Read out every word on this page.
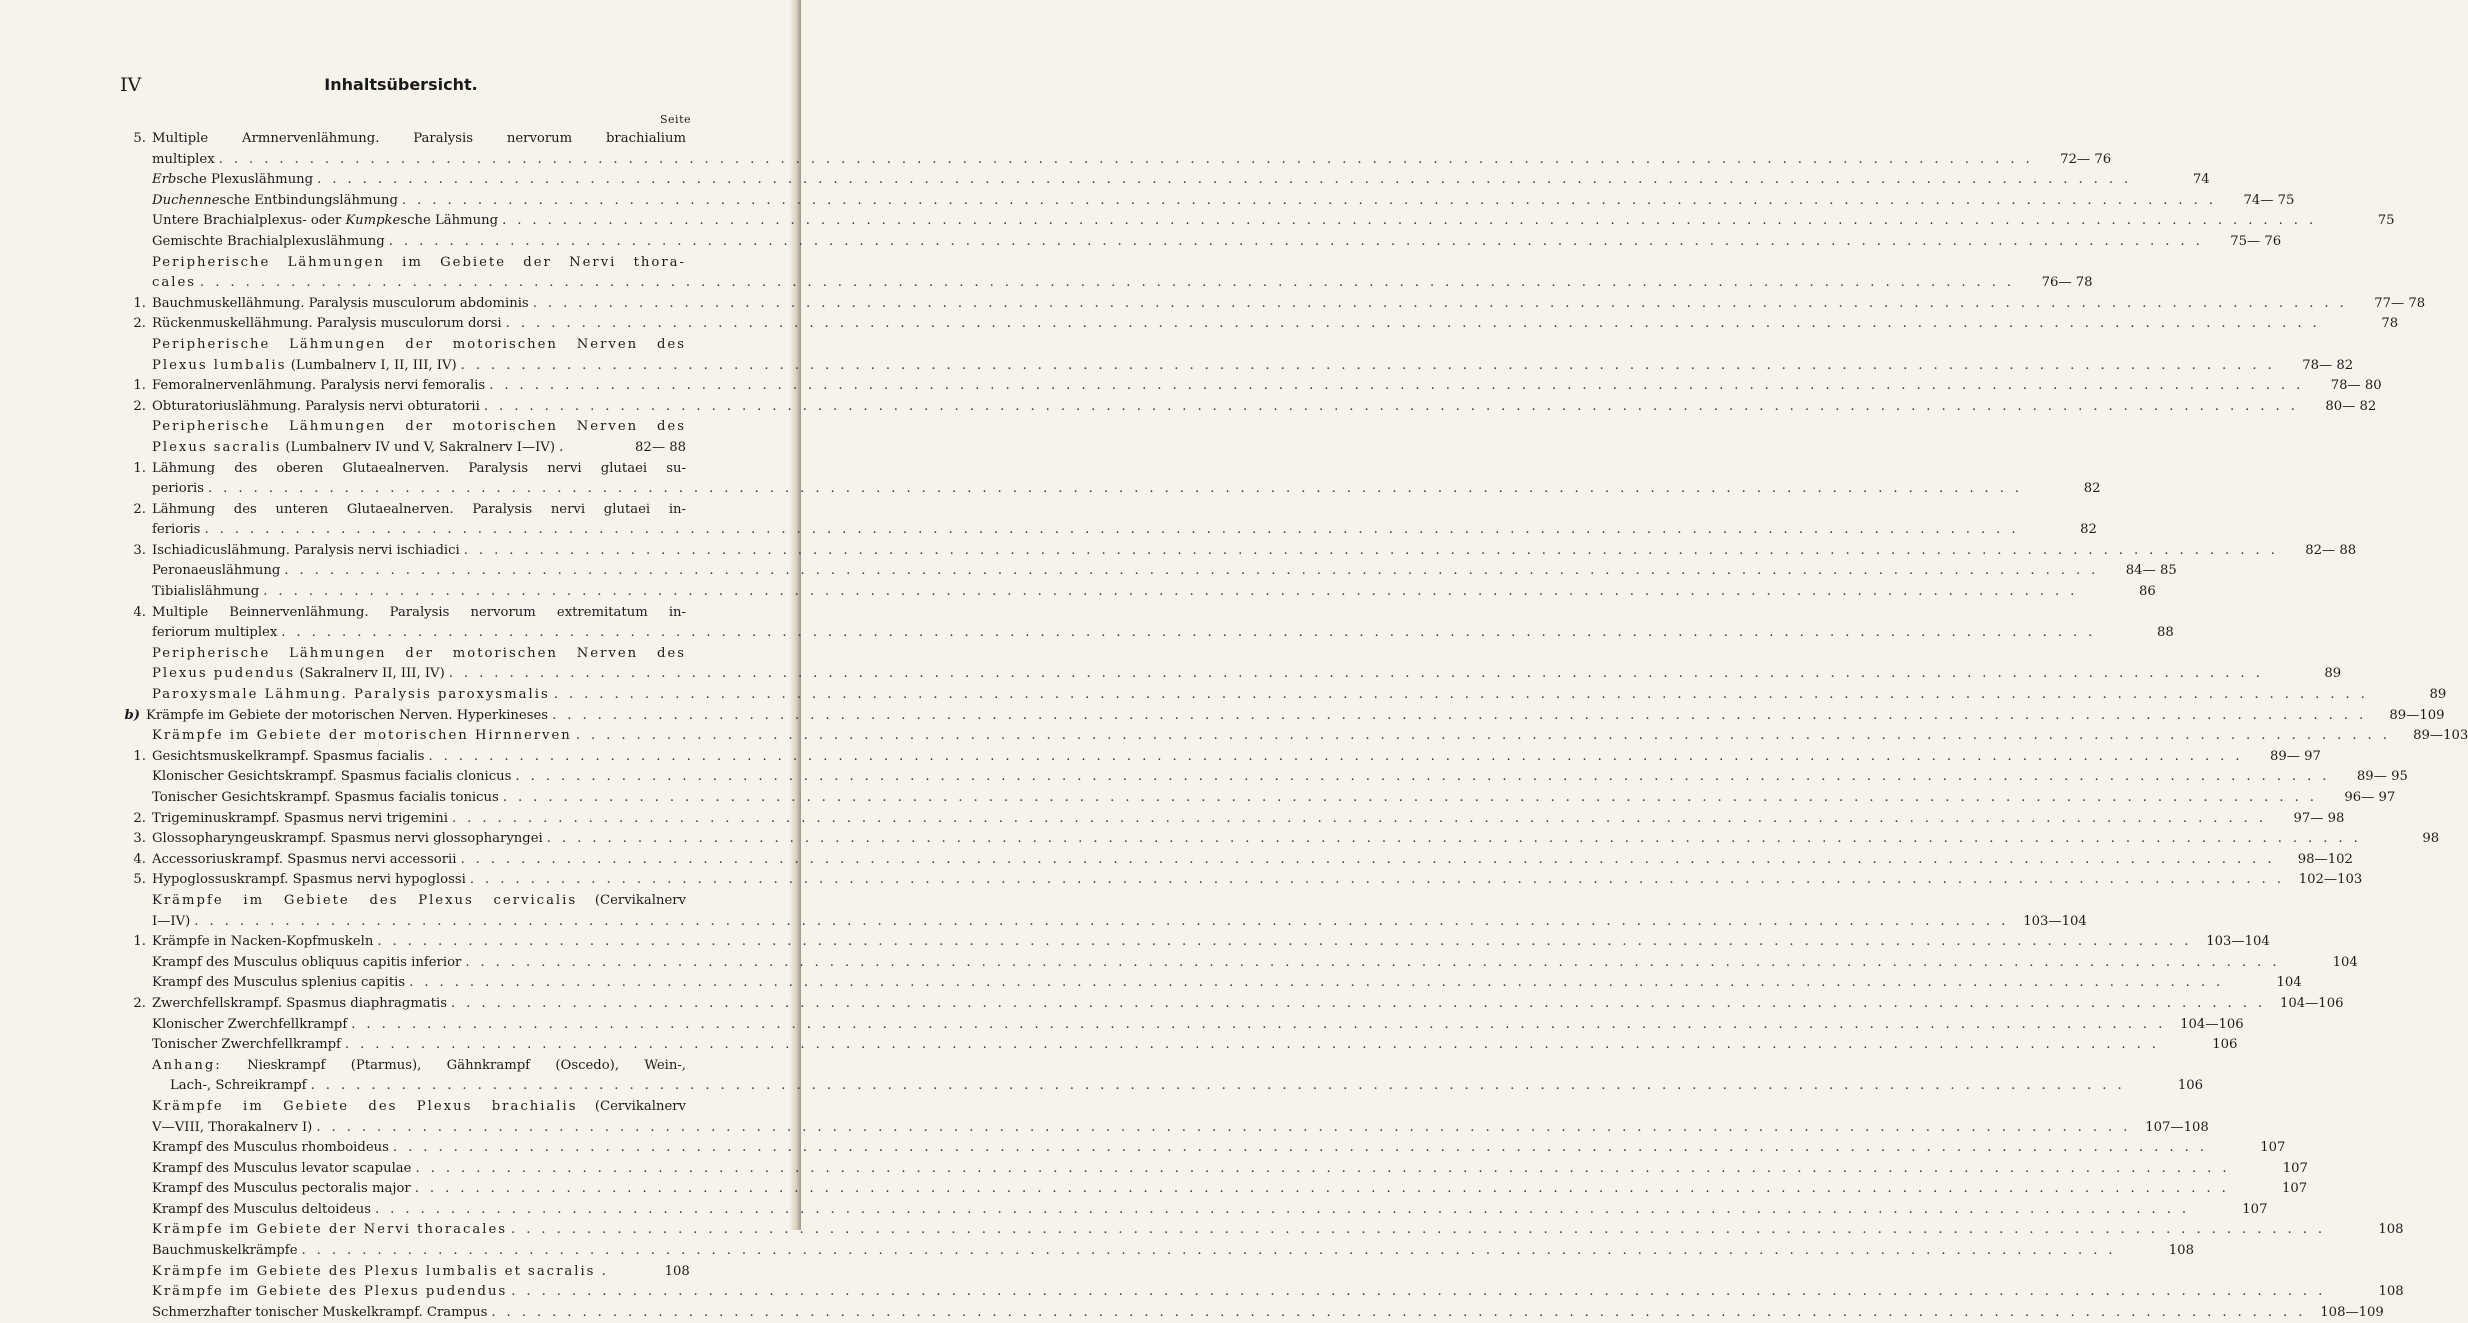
IV	Inhaltsübersicht.
Seite
5. Multiple Armnervenlähmung. Paralysis nervorum brachialium
multiplex . . . . . . . . . . . . . . . . . . . . . . . . . . . . . . . . . . . . . . . . . . . . . . . . . . . . . . . . . . . . . . . . . . . . . . . . . . . . . . . . . . . . . . . . . . . . . . . . . . . . . . . . . . . . . . . . . . . . . . . .	72— 76
Erbsche Plexuslähmung . . . . . . . . . . . . . . . . . . . . . . . . . . . . . . . . . . . . . . . . . . . . . . . . . . . . . . . . . . . . . . . . . . . . . . . . . . . . . . . . . . . . . . . . . . . . . . . . . . . . . . . . . . . . . . . . . . . . . . . .	74
Duchennesche Entbindungslähmung . . . . . . . . . . . . . . . . . . . . . . . . . . . . . . . . . . . . . . . . . . . . . . . . . . . . . . . . . . . . . . . . . . . . . . . . . . . . . . . . . . . . . . . . . . . . . . . . . . . . . . . . . . . . . . . . . . . . . . . .	74— 75
Untere Brachialplexus- oder Kumpkesche Lähmung . . . . . . . . . . . . . . . . . . . . . . . . . . . . . . . . . . . . . . . . . . . . . . . . . . . . . . . . . . . . . . . . . . . . . . . . . . . . . . . . . . . . . . . . . . . . . . . . . . . . . . . . . . . . . . . . . . . . . . . .	75
Gemischte Brachialplexuslähmung . . . . . . . . . . . . . . . . . . . . . . . . . . . . . . . . . . . . . . . . . . . . . . . . . . . . . . . . . . . . . . . . . . . . . . . . . . . . . . . . . . . . . . . . . . . . . . . . . . . . . . . . . . . . . . . . . . . . . . . .	75— 76
Peripherische Lähmungen im Gebiete der Nervi thora-
cales . . . . . . . . . . . . . . . . . . . . . . . . . . . . . . . . . . . . . . . . . . . . . . . . . . . . . . . . . . . . . . . . . . . . . . . . . . . . . . . . . . . . . . . . . . . . . . . . . . . . . . . . . . . . . . . . . . . . . . . .	76— 78
1. Bauchmuskellähmung. Paralysis musculorum abdominis . . . . . . . . . . . . . . . . . . . . . . . . . . . . . . . . . . . . . . . . . . . . . . . . . . . . . . . . . . . . . . . . . . . . . . . . . . . . . . . . . . . . . . . . . . . . . . . . . . . . . . . . . . . . . . . . . . . . . . . .	77— 78
2. Rückenmuskellähmung. Paralysis musculorum dorsi . . . . . . . . . . . . . . . . . . . . . . . . . . . . . . . . . . . . . . . . . . . . . . . . . . . . . . . . . . . . . . . . . . . . . . . . . . . . . . . . . . . . . . . . . . . . . . . . . . . . . . . . . . . . . . . . . . . . . . . .	78
Peripherische Lähmungen der motorischen Nerven des
Plexus lumbalis (Lumbalnerv I, II, III, IV) . . . . . . . . . . . . . . . . . . . . . . . . . . . . . . . . . . . . . . . . . . . . . . . . . . . . . . . . . . . . . . . . . . . . . . . . . . . . . . . . . . . . . . . . . . . . . . . . . . . . . . . . . . . . . . . . . . . . . . . .	78— 82
1. Femoralnervenlähmung. Paralysis nervi femoralis . . . . . . . . . . . . . . . . . . . . . . . . . . . . . . . . . . . . . . . . . . . . . . . . . . . . . . . . . . . . . . . . . . . . . . . . . . . . . . . . . . . . . . . . . . . . . . . . . . . . . . . . . . . . . . . . . . . . . . . .	78— 80
2. Obturatoriuslähmung. Paralysis nervi obturatorii . . . . . . . . . . . . . . . . . . . . . . . . . . . . . . . . . . . . . . . . . . . . . . . . . . . . . . . . . . . . . . . . . . . . . . . . . . . . . . . . . . . . . . . . . . . . . . . . . . . . . . . . . . . . . . . . . . . . . . . .	80— 82
Peripherische Lähmungen der motorischen Nerven des
Plexus sacralis (Lumbalnerv IV und V, Sakralnerv I—IV) .	82— 88
1. Lähmung des oberen Glutaealnerven. Paralysis nervi glutaei su-
perioris . . . . . . . . . . . . . . . . . . . . . . . . . . . . . . . . . . . . . . . . . . . . . . . . . . . . . . . . . . . . . . . . . . . . . . . . . . . . . . . . . . . . . . . . . . . . . . . . . . . . . . . . . . . . . . . . . . . . . . . .	82
2. Lähmung des unteren Glutaealnerven. Paralysis nervi glutaei in-
ferioris . . . . . . . . . . . . . . . . . . . . . . . . . . . . . . . . . . . . . . . . . . . . . . . . . . . . . . . . . . . . . . . . . . . . . . . . . . . . . . . . . . . . . . . . . . . . . . . . . . . . . . . . . . . . . . . . . . . . . . . .	82
3. Ischiadicuslähmung. Paralysis nervi ischiadici . . . . . . . . . . . . . . . . . . . . . . . . . . . . . . . . . . . . . . . . . . . . . . . . . . . . . . . . . . . . . . . . . . . . . . . . . . . . . . . . . . . . . . . . . . . . . . . . . . . . . . . . . . . . . . . . . . . . . . . .	82— 88
Peronaeuslähmung . . . . . . . . . . . . . . . . . . . . . . . . . . . . . . . . . . . . . . . . . . . . . . . . . . . . . . . . . . . . . . . . . . . . . . . . . . . . . . . . . . . . . . . . . . . . . . . . . . . . . . . . . . . . . . . . . . . . . . . .	84— 85
Tibialislähmung . . . . . . . . . . . . . . . . . . . . . . . . . . . . . . . . . . . . . . . . . . . . . . . . . . . . . . . . . . . . . . . . . . . . . . . . . . . . . . . . . . . . . . . . . . . . . . . . . . . . . . . . . . . . . . . . . . . . . . . .	86
4. Multiple Beinnervenlähmung. Paralysis nervorum extremitatum in-
feriorum multiplex . . . . . . . . . . . . . . . . . . . . . . . . . . . . . . . . . . . . . . . . . . . . . . . . . . . . . . . . . . . . . . . . . . . . . . . . . . . . . . . . . . . . . . . . . . . . . . . . . . . . . . . . . . . . . . . . . . . . . . . .	88
Peripherische Lähmungen der motorischen Nerven des
Plexus pudendus (Sakralnerv II, III, IV) . . . . . . . . . . . . . . . . . . . . . . . . . . . . . . . . . . . . . . . . . . . . . . . . . . . . . . . . . . . . . . . . . . . . . . . . . . . . . . . . . . . . . . . . . . . . . . . . . . . . . . . . . . . . . . . . . . . . . . . .	89
Paroxysmale Lähmung. Paralysis paroxysmalis . . . . . . . . . . . . . . . . . . . . . . . . . . . . . . . . . . . . . . . . . . . . . . . . . . . . . . . . . . . . . . . . . . . . . . . . . . . . . . . . . . . . . . . . . . . . . . . . . . . . . . . . . . . . . . . . . . . . . . . .	89
b) Krämpfe im Gebiete der motorischen Nerven. Hyperkineses . . . . . . . . . . . . . . . . . . . . . . . . . . . . . . . . . . . . . . . . . . . . . . . . . . . . . . . . . . . . . . . . . . . . . . . . . . . . . . . . . . . . . . . . . . . . . . . . . . . . . . . . . . . . . . . . . . . . . . . .	89—109
Krämpfe im Gebiete der motorischen Hirnnerven . . . . . . . . . . . . . . . . . . . . . . . . . . . . . . . . . . . . . . . . . . . . . . . . . . . . . . . . . . . . . . . . . . . . . . . . . . . . . . . . . . . . . . . . . . . . . . . . . . . . . . . . . . . . . . . . . . . . . . . .	89—103
1. Gesichtsmuskelkrampf. Spasmus facialis . . . . . . . . . . . . . . . . . . . . . . . . . . . . . . . . . . . . . . . . . . . . . . . . . . . . . . . . . . . . . . . . . . . . . . . . . . . . . . . . . . . . . . . . . . . . . . . . . . . . . . . . . . . . . . . . . . . . . . . .	89— 97
Klonischer Gesichtskrampf. Spasmus facialis clonicus . . . . . . . . . . . . . . . . . . . . . . . . . . . . . . . . . . . . . . . . . . . . . . . . . . . . . . . . . . . . . . . . . . . . . . . . . . . . . . . . . . . . . . . . . . . . . . . . . . . . . . . . . . . . . . . . . . . . . . . .	89— 95
Tonischer Gesichtskrampf. Spasmus facialis tonicus . . . . . . . . . . . . . . . . . . . . . . . . . . . . . . . . . . . . . . . . . . . . . . . . . . . . . . . . . . . . . . . . . . . . . . . . . . . . . . . . . . . . . . . . . . . . . . . . . . . . . . . . . . . . . . . . . . . . . . . .	96— 97
2. Trigeminuskrampf. Spasmus nervi trigemini . . . . . . . . . . . . . . . . . . . . . . . . . . . . . . . . . . . . . . . . . . . . . . . . . . . . . . . . . . . . . . . . . . . . . . . . . . . . . . . . . . . . . . . . . . . . . . . . . . . . . . . . . . . . . . . . . . . . . . . .	97— 98
3. Glossopharyngeuskrampf. Spasmus nervi glossopharyngei . . . . . . . . . . . . . . . . . . . . . . . . . . . . . . . . . . . . . . . . . . . . . . . . . . . . . . . . . . . . . . . . . . . . . . . . . . . . . . . . . . . . . . . . . . . . . . . . . . . . . . . . . . . . . . . . . . . . . . . .	98
4. Accessoriuskrampf. Spasmus nervi accessorii . . . . . . . . . . . . . . . . . . . . . . . . . . . . . . . . . . . . . . . . . . . . . . . . . . . . . . . . . . . . . . . . . . . . . . . . . . . . . . . . . . . . . . . . . . . . . . . . . . . . . . . . . . . . . . . . . . . . . . . .	98—102
5. Hypoglossuskrampf. Spasmus nervi hypoglossi . . . . . . . . . . . . . . . . . . . . . . . . . . . . . . . . . . . . . . . . . . . . . . . . . . . . . . . . . . . . . . . . . . . . . . . . . . . . . . . . . . . . . . . . . . . . . . . . . . . . . . . . . . . . . . . . . . . . . . . .	102—103
Krämpfe im Gebiete des Plexus cervicalis (Cervikalnerv
I—IV) . . . . . . . . . . . . . . . . . . . . . . . . . . . . . . . . . . . . . . . . . . . . . . . . . . . . . . . . . . . . . . . . . . . . . . . . . . . . . . . . . . . . . . . . . . . . . . . . . . . . . . . . . . . . . . . . . . . . . . . .	103—104
1. Krämpfe in Nacken-Kopfmuskeln . . . . . . . . . . . . . . . . . . . . . . . . . . . . . . . . . . . . . . . . . . . . . . . . . . . . . . . . . . . . . . . . . . . . . . . . . . . . . . . . . . . . . . . . . . . . . . . . . . . . . . . . . . . . . . . . . . . . . . . .	103—104
Krampf des Musculus obliquus capitis inferior . . . . . . . . . . . . . . . . . . . . . . . . . . . . . . . . . . . . . . . . . . . . . . . . . . . . . . . . . . . . . . . . . . . . . . . . . . . . . . . . . . . . . . . . . . . . . . . . . . . . . . . . . . . . . . . . . . . . . . . .	104
Krampf des Musculus splenius capitis . . . . . . . . . . . . . . . . . . . . . . . . . . . . . . . . . . . . . . . . . . . . . . . . . . . . . . . . . . . . . . . . . . . . . . . . . . . . . . . . . . . . . . . . . . . . . . . . . . . . . . . . . . . . . . . . . . . . . . . .	104
2. Zwerchfellskrampf. Spasmus diaphragmatis . . . . . . . . . . . . . . . . . . . . . . . . . . . . . . . . . . . . . . . . . . . . . . . . . . . . . . . . . . . . . . . . . . . . . . . . . . . . . . . . . . . . . . . . . . . . . . . . . . . . . . . . . . . . . . . . . . . . . . . .	104—106
Klonischer Zwerchfellkrampf . . . . . . . . . . . . . . . . . . . . . . . . . . . . . . . . . . . . . . . . . . . . . . . . . . . . . . . . . . . . . . . . . . . . . . . . . . . . . . . . . . . . . . . . . . . . . . . . . . . . . . . . . . . . . . . . . . . . . . . .	104—106
Tonischer Zwerchfellkrampf . . . . . . . . . . . . . . . . . . . . . . . . . . . . . . . . . . . . . . . . . . . . . . . . . . . . . . . . . . . . . . . . . . . . . . . . . . . . . . . . . . . . . . . . . . . . . . . . . . . . . . . . . . . . . . . . . . . . . . . .	106
Anhang: Nieskrampf (Ptarmus), Gähnkrampf (Oscedo), Wein-,
Lach-, Schreikrampf . . . . . . . . . . . . . . . . . . . . . . . . . . . . . . . . . . . . . . . . . . . . . . . . . . . . . . . . . . . . . . . . . . . . . . . . . . . . . . . . . . . . . . . . . . . . . . . . . . . . . . . . . . . . . . . . . . . . . . . .	106
Krämpfe im Gebiete des Plexus brachialis (Cervikalnerv
V—VIII, Thorakalnerv I) . . . . . . . . . . . . . . . . . . . . . . . . . . . . . . . . . . . . . . . . . . . . . . . . . . . . . . . . . . . . . . . . . . . . . . . . . . . . . . . . . . . . . . . . . . . . . . . . . . . . . . . . . . . . . . . . . . . . . . . .	107—108
Krampf des Musculus rhomboideus . . . . . . . . . . . . . . . . . . . . . . . . . . . . . . . . . . . . . . . . . . . . . . . . . . . . . . . . . . . . . . . . . . . . . . . . . . . . . . . . . . . . . . . . . . . . . . . . . . . . . . . . . . . . . . . . . . . . . . . .	107
Krampf des Musculus levator scapulae . . . . . . . . . . . . . . . . . . . . . . . . . . . . . . . . . . . . . . . . . . . . . . . . . . . . . . . . . . . . . . . . . . . . . . . . . . . . . . . . . . . . . . . . . . . . . . . . . . . . . . . . . . . . . . . . . . . . . . . .	107
Krampf des Musculus pectoralis major . . . . . . . . . . . . . . . . . . . . . . . . . . . . . . . . . . . . . . . . . . . . . . . . . . . . . . . . . . . . . . . . . . . . . . . . . . . . . . . . . . . . . . . . . . . . . . . . . . . . . . . . . . . . . . . . . . . . . . . .	107
Krampf des Musculus deltoideus . . . . . . . . . . . . . . . . . . . . . . . . . . . . . . . . . . . . . . . . . . . . . . . . . . . . . . . . . . . . . . . . . . . . . . . . . . . . . . . . . . . . . . . . . . . . . . . . . . . . . . . . . . . . . . . . . . . . . . . .	107
Krämpfe im Gebiete der Nervi thoracales . . . . . . . . . . . . . . . . . . . . . . . . . . . . . . . . . . . . . . . . . . . . . . . . . . . . . . . . . . . . . . . . . . . . . . . . . . . . . . . . . . . . . . . . . . . . . . . . . . . . . . . . . . . . . . . . . . . . . . . .	108
Bauchmuskelkrämpfe . . . . . . . . . . . . . . . . . . . . . . . . . . . . . . . . . . . . . . . . . . . . . . . . . . . . . . . . . . . . . . . . . . . . . . . . . . . . . . . . . . . . . . . . . . . . . . . . . . . . . . . . . . . . . . . . . . . . . . . .	108
Krämpfe im Gebiete des Plexus lumbalis et sacralis .	108
Krämpfe im Gebiete des Plexus pudendus . . . . . . . . . . . . . . . . . . . . . . . . . . . . . . . . . . . . . . . . . . . . . . . . . . . . . . . . . . . . . . . . . . . . . . . . . . . . . . . . . . . . . . . . . . . . . . . . . . . . . . . . . . . . . . . . . . . . . . . .	108
Schmerzhafter tonischer Muskelkrampf. Crampus . . . . . . . . . . . . . . . . . . . . . . . . . . . . . . . . . . . . . . . . . . . . . . . . . . . . . . . . . . . . . . . . . . . . . . . . . . . . . . . . . . . . . . . . . . . . . . . . . . . . . . . . . . . . . . . . . . . . . . . .	108—109
